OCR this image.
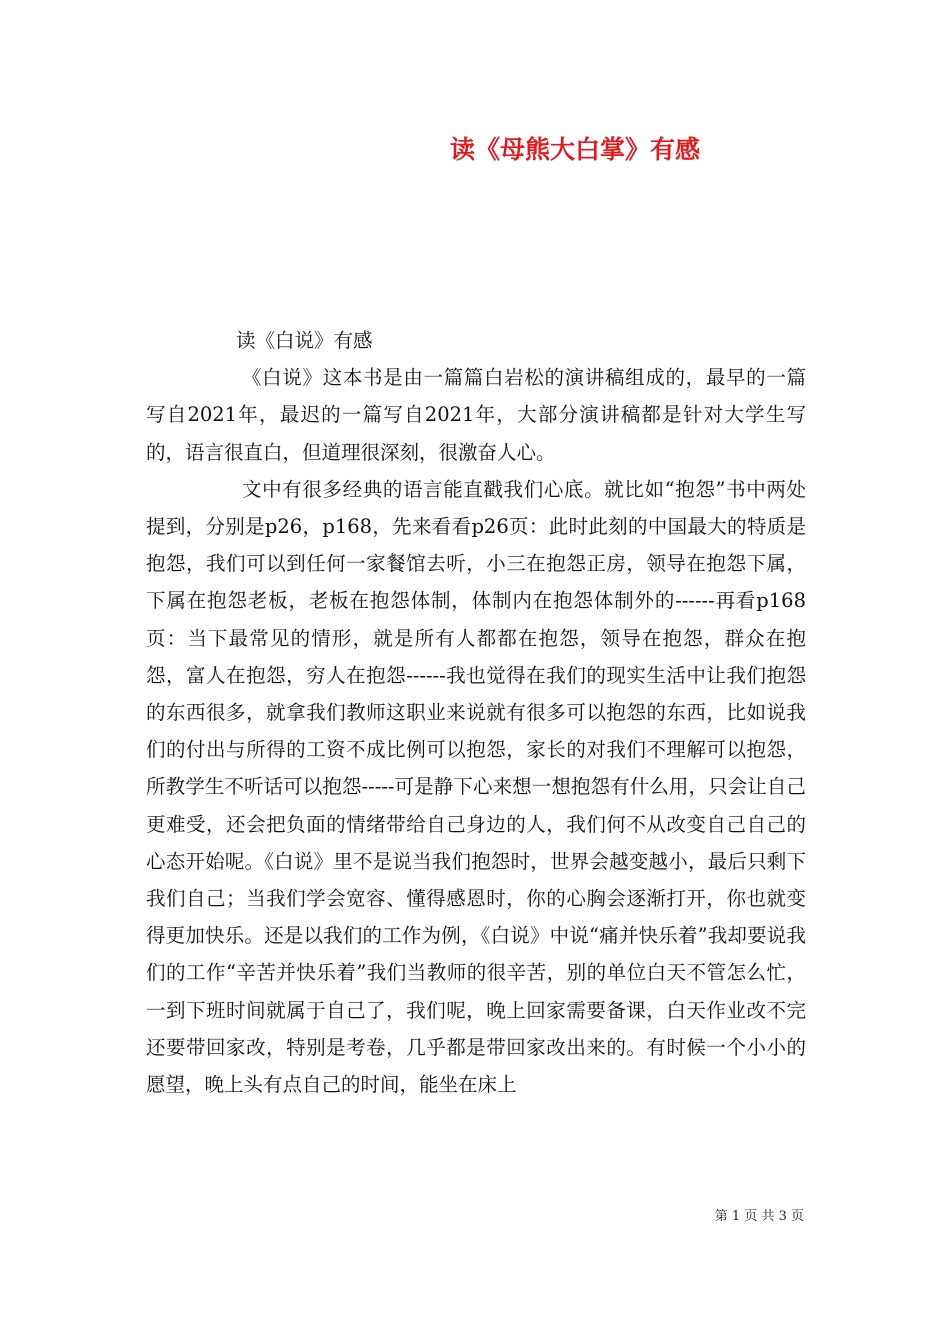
读《母熊大白掌》有感

读《白说》有感

《白说》这本书是由一篇篇白岩松的演讲稿组成的，最早的一篇写自2021年，最迟的一篇写自2021年，大部分演讲稿都是针对大学生写的，语言很直白，但道理很深刻，很激奋人心。

文中有很多经典的语言能直戳我们心底。就比如“抱怨”书中两处提到，分别是p26，p168，先来看看p26页：此时此刻的中国最大的特质是抱怨，我们可以到任何一家餐馆去听，小三在抱怨正房，领导在抱怨下属，下属在抱怨老板，老板在抱怨体制，体制内在抱怨体制外的------再看p168页：当下最常见的情形，就是所有人都都在抱怨，领导在抱怨，群众在抱怨，富人在抱怨，穷人在抱怨------我也觉得在我们的现实生活中让我们抱怨的东西很多，就拿我们教师这职业来说就有很多可以抱怨的东西，比如说我们的付出与所得的工资不成比例可以抱怨，家长的对我们不理解可以抱怨，所教学生不听话可以抱怨-----可是静下心来想一想抱怨有什么用，只会让自己更难受，还会把负面的情绪带给自己身边的人，我们何不从改变自己自己的心态开始呢。《白说》里不是说当我们抱怨时，世界会越变越小，最后只剩下我们自己；当我们学会宽容、懂得感恩时，你的心胸会逐渐打开，你也就变得更加快乐。还是以我们的工作为例，《白说》中说“痛并快乐着”我却要说我们的工作“辛苦并快乐着”我们当教师的很辛苦，别的单位白天不管怎么忙，一到下班时间就属于自己了，我们呢，晚上回家需要备课，白天作业改不完还要带回家改，特别是考卷，几乎都是带回家改出来的。有时候一个小小的愿望，晚上头有点自己的时间，能坐在床上

第 1 页 共 3 页
